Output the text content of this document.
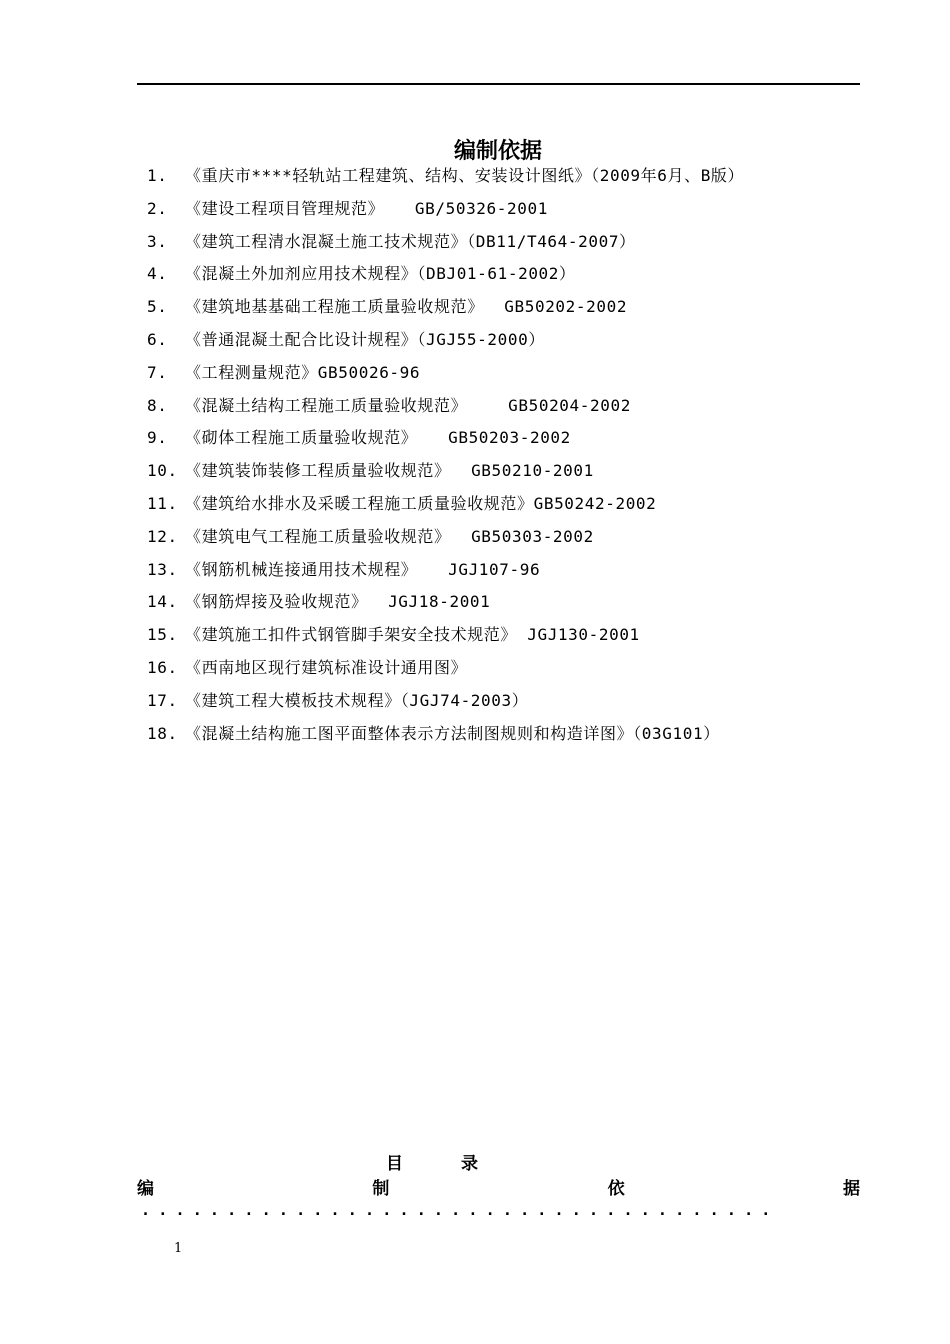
编制依据
1. 《重庆市****轻轨站工程建筑、结构、安装设计图纸》（2009年6月、B版）
2. 《建设工程项目管理规范》   GB/50326-2001
3. 《建筑工程清水混凝土施工技术规范》（DB11/T464-2007）
4. 《混凝土外加剂应用技术规程》（DBJ01-61-2002）
5. 《建筑地基基础工程施工质量验收规范》  GB50202-2002
6. 《普通混凝土配合比设计规程》（JGJ55-2000）
7. 《工程测量规范》GB50026-96
8. 《混凝土结构工程施工质量验收规范》    GB50204-2002
9. 《砌体工程施工质量验收规范》   GB50203-2002
10. 《建筑装饰装修工程质量验收规范》  GB50210-2001
11. 《建筑给水排水及采暖工程施工质量验收规范》GB50242-2002
12. 《建筑电气工程施工质量验收规范》  GB50303-2002
13. 《钢筋机械连接通用技术规程》   JGJ107-96
14. 《钢筋焊接及验收规范》  JGJ18-2001
15. 《建筑施工扣件式钢管脚手架安全技术规范》 JGJ130-2001
16. 《西南地区现行建筑标准设计通用图》
17. 《建筑工程大模板技术规程》（JGJ74-2003）
18. 《混凝土结构施工图平面整体表示方法制图规则和构造详图》（03G101）
目录
编	制	依	据
.....................................
1
